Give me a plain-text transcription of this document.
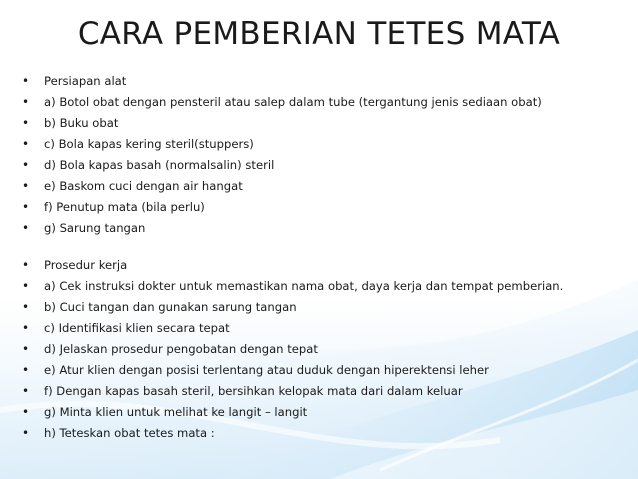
CARA PEMBERIAN TETES MATA
• Persiapan alat
• a) Botol obat dengan pensteril atau salep dalam tube (tergantung jenis sediaan obat)
• b) Buku obat
• c) Bola kapas kering steril(stuppers)
• d) Bola kapas basah (normalsalin) steril
• e) Baskom cuci dengan air hangat
• f) Penutup mata (bila perlu)
• g) Sarung tangan
• Prosedur kerja
• a) Cek instruksi dokter untuk memastikan nama obat, daya kerja dan tempat pemberian.
• b) Cuci tangan dan gunakan sarung tangan
• c) Identifikasi klien secara tepat
• d) Jelaskan prosedur pengobatan dengan tepat
• e) Atur klien dengan posisi terlentang atau duduk dengan hiperektensi leher
• f) Dengan kapas basah steril, bersihkan kelopak mata dari dalam keluar
• g) Minta klien untuk melihat ke langit – langit
• h) Teteskan obat tetes mata :
